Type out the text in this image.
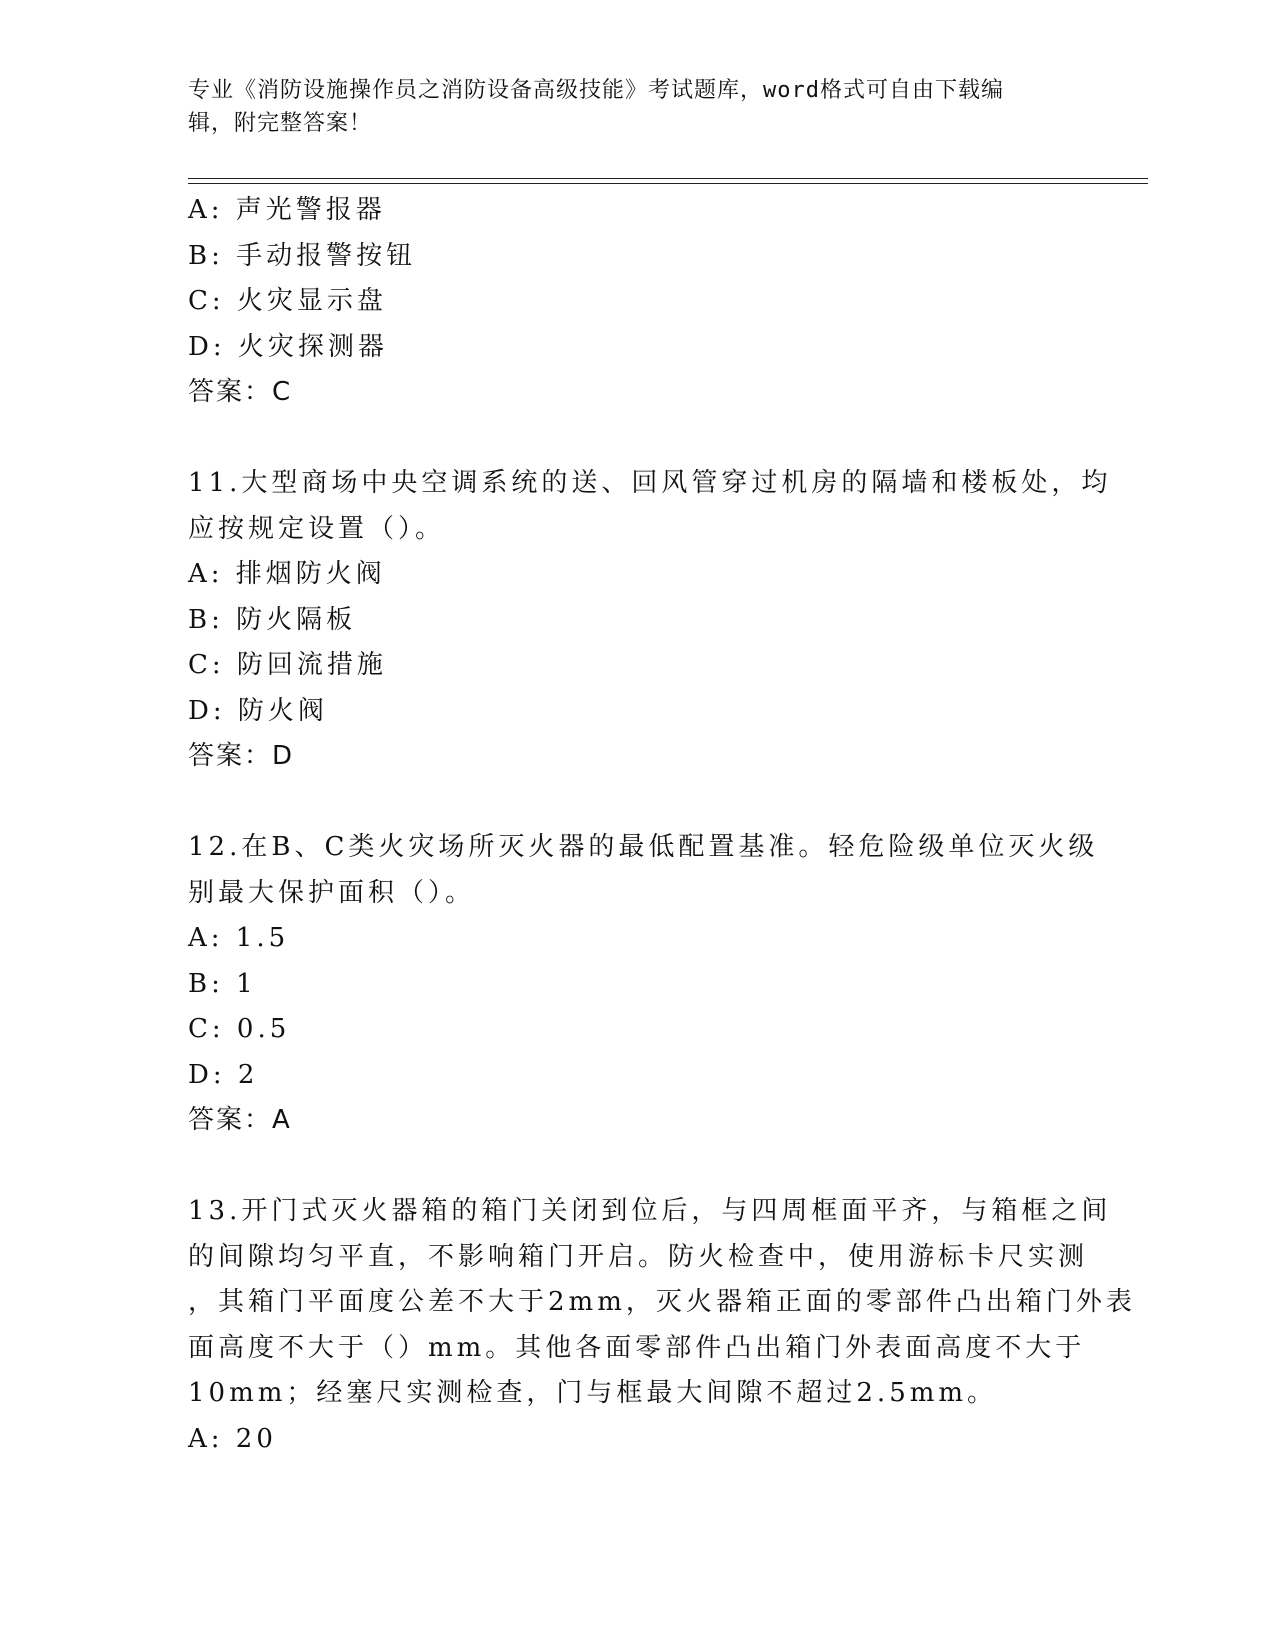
专业《消防设施操作员之消防设备高级技能》考试题库，word格式可自由下载编
辑，附完整答案！
A: 声光警报器
B: 手动报警按钮
C: 火灾显示盘
D: 火灾探测器
答案：C
11.大型商场中央空调系统的送、回风管穿过机房的隔墙和楼板处，均
应按规定设置（）。
A: 排烟防火阀
B: 防火隔板
C: 防回流措施
D: 防火阀
答案：D
12.在B、C类火灾场所灭火器的最低配置基准。轻危险级单位灭火级
别最大保护面积（）。
A: 1.5
B: 1
C: 0.5
D: 2
答案：A
13.开门式灭火器箱的箱门关闭到位后，与四周框面平齐，与箱框之间
的间隙均匀平直，不影响箱门开启。防火检查中，使用游标卡尺实测
，其箱门平面度公差不大于2mm，灭火器箱正面的零部件凸出箱门外表
面高度不大于（）mm。其他各面零部件凸出箱门外表面高度不大于
10mm；经塞尺实测检查，门与框最大间隙不超过2.5mm。
A: 20
